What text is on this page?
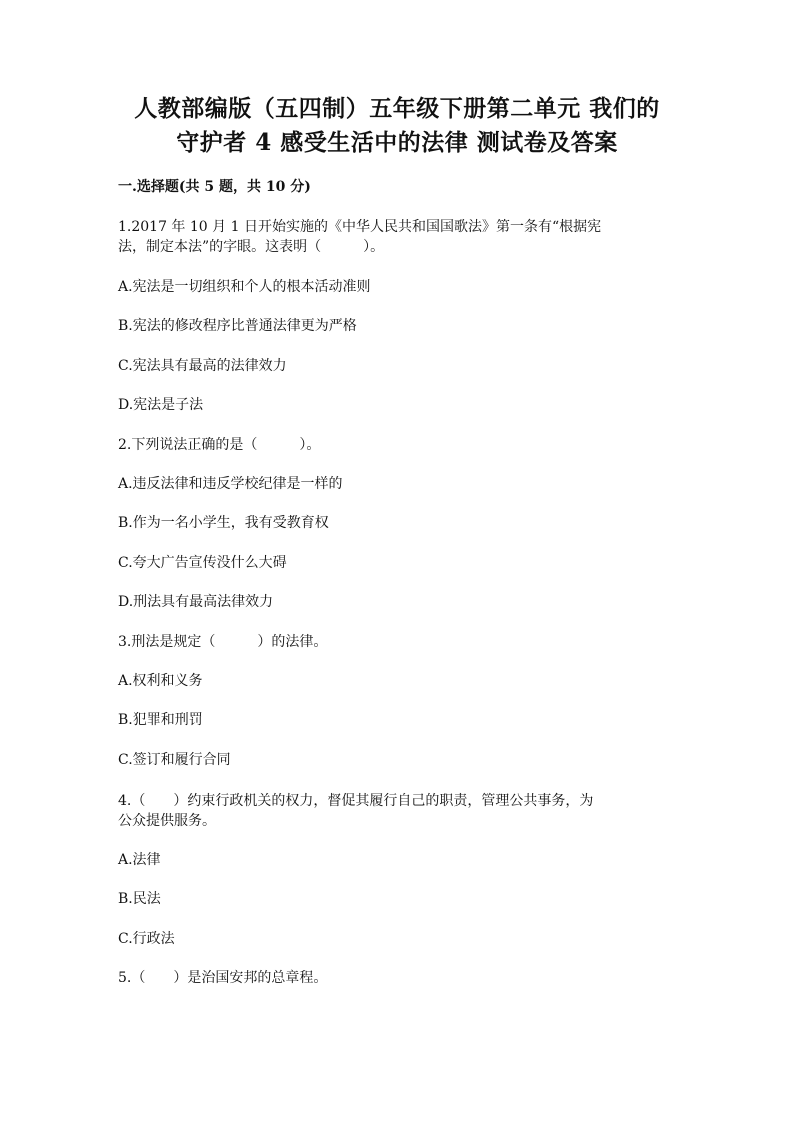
人教部编版（五四制）五年级下册第二单元 我们的
守护者 4 感受生活中的法律 测试卷及答案
一.选择题(共 5 题，共 10 分)
1.2017 年 10 月 1 日开始实施的《中华人民共和国国歌法》第一条有“根据宪
法，制定本法”的字眼。这表明（　　　）。
A.宪法是一切组织和个人的根本活动准则
B.宪法的修改程序比普通法律更为严格
C.宪法具有最高的法律效力
D.宪法是子法
2.下列说法正确的是（　　　）。
A.违反法律和违反学校纪律是一样的
B.作为一名小学生，我有受教育权
C.夸大广告宣传没什么大碍
D.刑法具有最高法律效力
3.刑法是规定（　　　）的法律。
A.权利和义务
B.犯罪和刑罚
C.签订和履行合同
4.（　　）约束行政机关的权力，督促其履行自己的职责，管理公共事务，为
公众提供服务。
A.法律
B.民法
C.行政法
5.（　　）是治国安邦的总章程。
